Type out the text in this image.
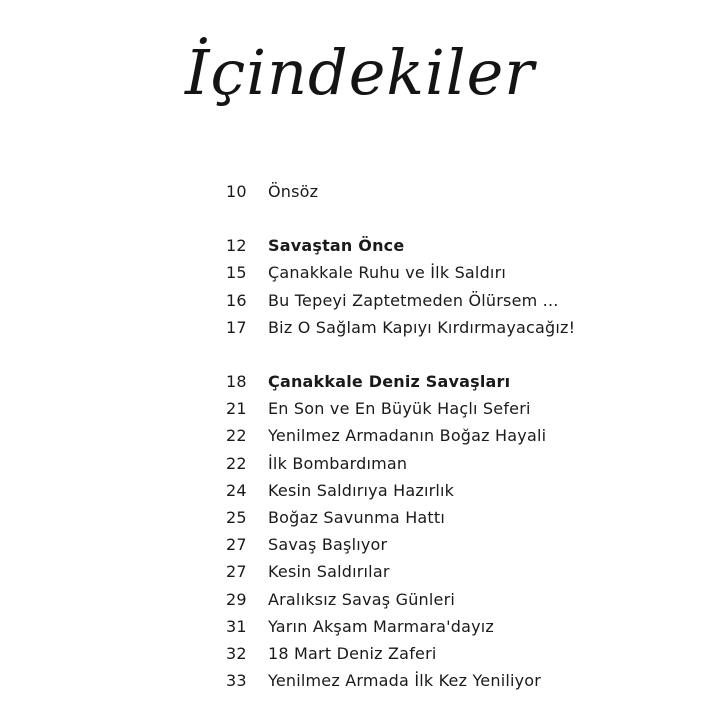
İçindekiler
10	Önsöz
12	Savaştan Önce
15	Çanakkale Ruhu ve İlk Saldırı
16	Bu Tepeyi Zaptetmeden Ölürsem ...
17	Biz O Sağlam Kapıyı Kırdırmayacağız!
18	Çanakkale Deniz Savaşları
21	En Son ve En Büyük Haçlı Seferi
22	Yenilmez Armadanın Boğaz Hayali
22	İlk Bombardıman
24	Kesin Saldırıya Hazırlık
25	Boğaz Savunma Hattı
27	Savaş Başlıyor
27	Kesin Saldırılar
29	Aralıksız Savaş Günleri
31	Yarın Akşam Marmara'dayız
32	18 Mart Deniz Zaferi
33	Yenilmez Armada İlk Kez Yeniliyor
